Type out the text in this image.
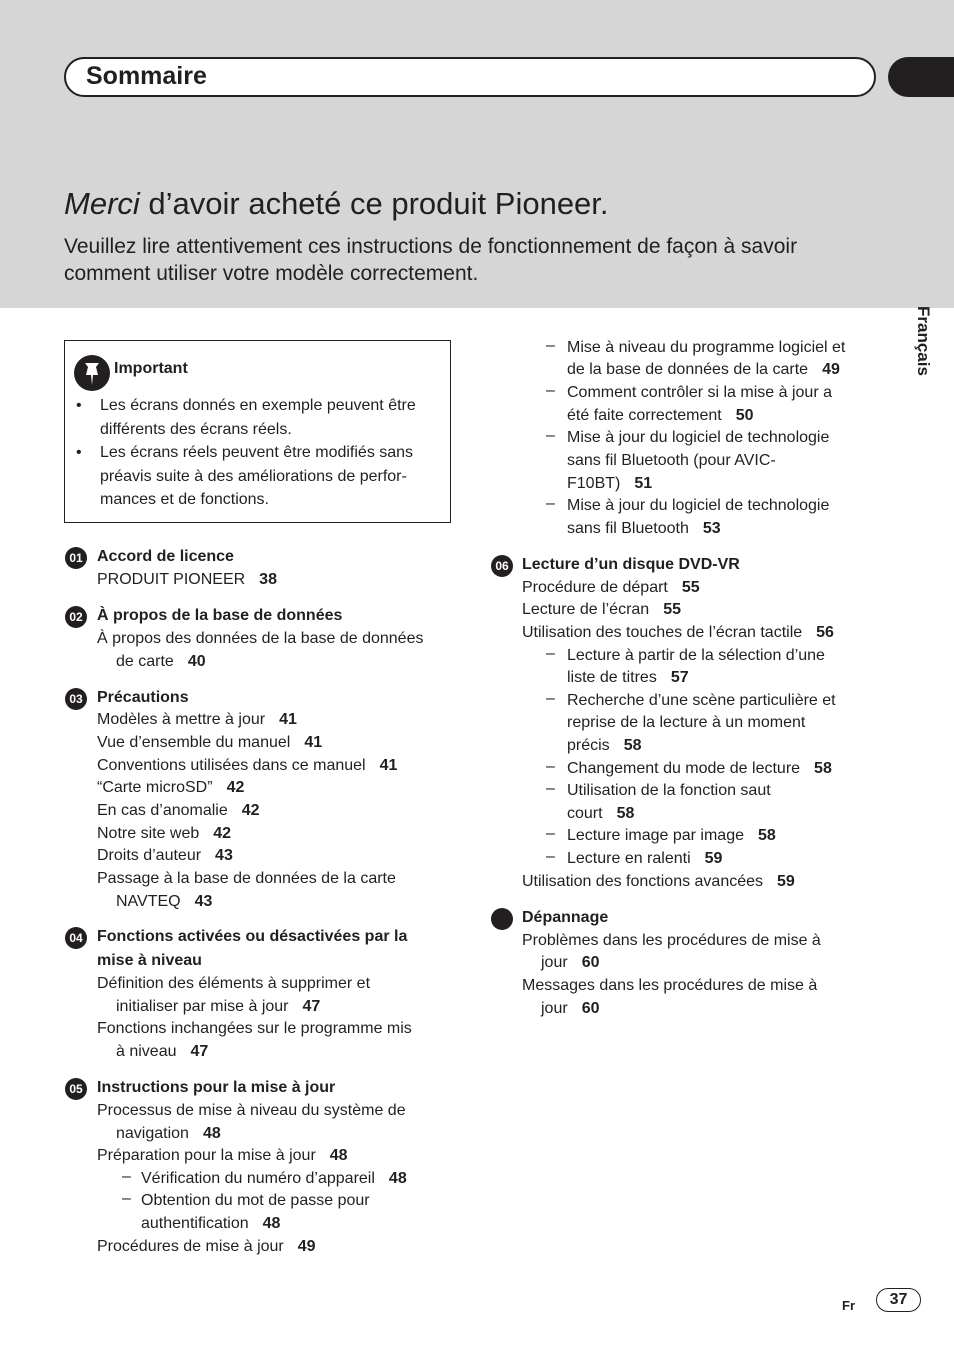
Sommaire
Français
Merci d’avoir acheté ce produit Pioneer.
Veuillez lire attentivement ces instructions de fonctionnement de façon à savoir comment utiliser votre modèle correctement.
Important
• Les écrans donnés en exemple peuvent être différents des écrans réels.
• Les écrans réels peuvent être modifiés sans préavis suite à des améliorations de perfor-mances et de fonctions.
01 Accord de licence
PRODUIT PIONEER 38
02 À propos de la base de données
À propos des données de la base de données
de carte 40
03 Précautions
Modèles à mettre à jour 41
Vue d’ensemble du manuel 41
Conventions utilisées dans ce manuel 41
“Carte microSD” 42
En cas d’anomalie 42
Notre site web 42
Droits d’auteur 43
Passage à la base de données de la carte
NAVTEQ 43
04 Fonctions activées ou désactivées par la
mise à niveau
Définition des éléments à supprimer et
initialiser par mise à jour 47
Fonctions inchangées sur le programme mis
à niveau 47
05 Instructions pour la mise à jour
Processus de mise à niveau du système de
navigation 48
Préparation pour la mise à jour 48
– Vérification du numéro d’appareil 48
– Obtention du mot de passe pour
authentification 48
Procédures de mise à jour 49
– Mise à niveau du programme logiciel et
de la base de données de la carte 49
– Comment contrôler si la mise à jour a
été faite correctement 50
– Mise à jour du logiciel de technologie
sans fil Bluetooth (pour AVIC-
F10BT) 51
– Mise à jour du logiciel de technologie
sans fil Bluetooth 53
06 Lecture d’un disque DVD-VR
Procédure de départ 55
Lecture de l’écran 55
Utilisation des touches de l’écran tactile 56
– Lecture à partir de la sélection d’une
liste de titres 57
– Recherche d’une scène particulière et
reprise de la lecture à un moment
précis 58
– Changement du mode de lecture 58
– Utilisation de la fonction saut
court 58
– Lecture image par image 58
– Lecture en ralenti 59
Utilisation des fonctions avancées 59
Dépannage
Problèmes dans les procédures de mise à
jour 60
Messages dans les procédures de mise à
jour 60
Fr	37
